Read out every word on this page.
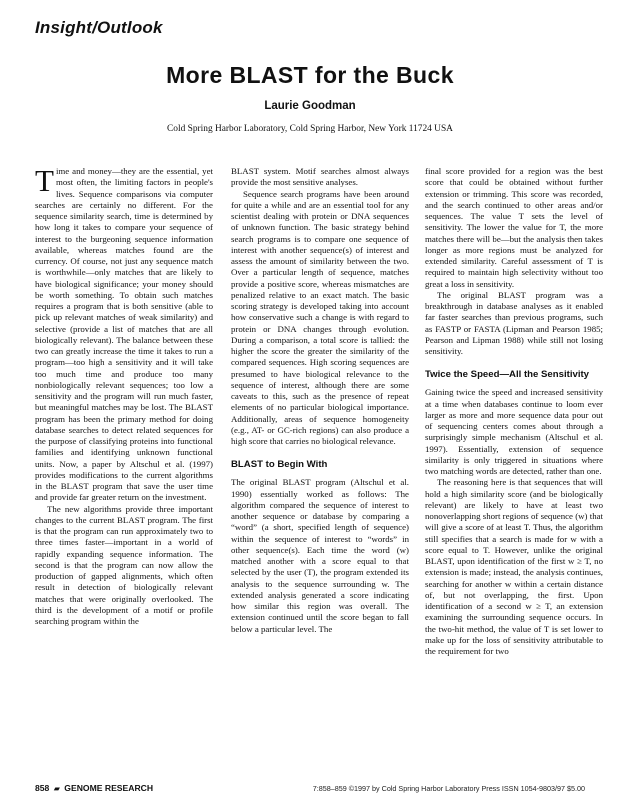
Insight/Outlook
More BLAST for the Buck
Laurie Goodman
Cold Spring Harbor Laboratory, Cold Spring Harbor, New York 11724 USA

Time and money—they are the essential, yet most often, the limiting factors in people's lives. Sequence comparisons via computer searches are certainly no different. For the sequence similarity search, time is determined by how long it takes to compare your sequence of interest to the burgeoning sequence information available, whereas matches found are the currency. Of course, not just any sequence match is worthwhile—only matches that are likely to have biological significance; your money should be worth something. To obtain such matches requires a program that is both sensitive (able to pick up relevant matches of weak similarity) and selective (provide a list of matches that are all biologically relevant). The balance between these two can greatly increase the time it takes to run a program—too high a sensitivity and it will take too much time and produce too many nonbiologically relevant sequences; too low a sensitivity and the program will run much faster, but meaningful matches may be lost. The BLAST program has been the primary method for doing database searches to detect related sequences for the purpose of classifying proteins into functional families and identifying unknown functional units. Now, a paper by Altschul et al. (1997) provides modifications to the current algorithms in the BLAST program that save the user time and provide far greater return on the investment.

The new algorithms provide three important changes to the current BLAST program. The first is that the program can run approximately two to three times faster—important in a world of rapidly expanding sequence information. The second is that the program can now allow the production of gapped alignments, which often result in detection of biologically relevant matches that were originally overlooked. The third is the development of a motif or profile searching program within the

BLAST system. Motif searches almost always provide the most sensitive analyses.

Sequence search programs have been around for quite a while and are an essential tool for any scientist dealing with protein or DNA sequences of unknown function. The basic strategy behind search programs is to compare one sequence of interest with another sequence(s) of interest and assess the amount of similarity between the two. Over a particular length of sequence, matches provide a positive score, whereas mismatches are penalized relative to an exact match. The basic scoring strategy is developed taking into account how conservative such a change is with regard to protein or DNA changes through evolution. During a comparison, a total score is tallied: the higher the score the greater the similarity of the compared sequences. High scoring sequences are presumed to have biological relevance to the sequence of interest, although there are some caveats to this, such as the presence of repeat elements of no particular biological importance. Additionally, areas of sequence homogeneity (e.g., AT- or GC-rich regions) can also produce a high score that carries no biological relevance.

BLAST to Begin With

The original BLAST program (Altschul et al. 1990) essentially worked as follows: The algorithm compared the sequence of interest to another sequence or database by comparing a “word” (a short, specified length of sequence) within the sequence of interest to “words” in other sequence(s). Each time the word (w) matched another with a score equal to that selected by the user (T), the program extended its analysis to the sequence surrounding w. The extended analysis generated a score indicating how similar this region was overall. The extension continued until the score began to fall below a particular level. The

final score provided for a region was the best score that could be obtained without further extension or trimming. This score was recorded, and the search continued to other areas and/or sequences. The value T sets the level of sensitivity. The lower the value for T, the more matches there will be—but the analysis then takes longer as more regions must be analyzed for extended similarity. Careful assessment of T is required to maintain high selectivity without too great a loss in sensitivity.

The original BLAST program was a breakthrough in database analyses as it enabled far faster searches than previous programs, such as FASTP or FASTA (Lipman and Pearson 1985; Pearson and Lipman 1988) while still not losing sensitivity.

Twice the Speed—All the Sensitivity

Gaining twice the speed and increased sensitivity at a time when databases continue to loom ever larger as more and more sequence data pour out of sequencing centers comes about through a surprisingly simple mechanism (Altschul et al. 1997). Essentially, extension of sequence similarity is only triggered in situations where two matching words are detected, rather than one.

The reasoning here is that sequences that will hold a high similarity score (and be biologically relevant) are likely to have at least two nonoverlapping short regions of sequence (w) that will give a score of at least T. Thus, the algorithm still specifies that a search is made for w with a score equal to T. However, unlike the original BLAST, upon identification of the first w ≥ T, no extension is made; instead, the analysis continues, searching for another w within a certain distance of, but not overlapping, the first. Upon identification of a second w ≥ T, an extension examining the surrounding sequence occurs. In the two-hit method, the value of T is set lower to make up for the loss of sensitivity attributable to the requirement for two

858 ▰ GENOME RESEARCH	7:858–859 ©1997 by Cold Spring Harbor Laboratory Press ISSN 1054-9803/97 $5.00
